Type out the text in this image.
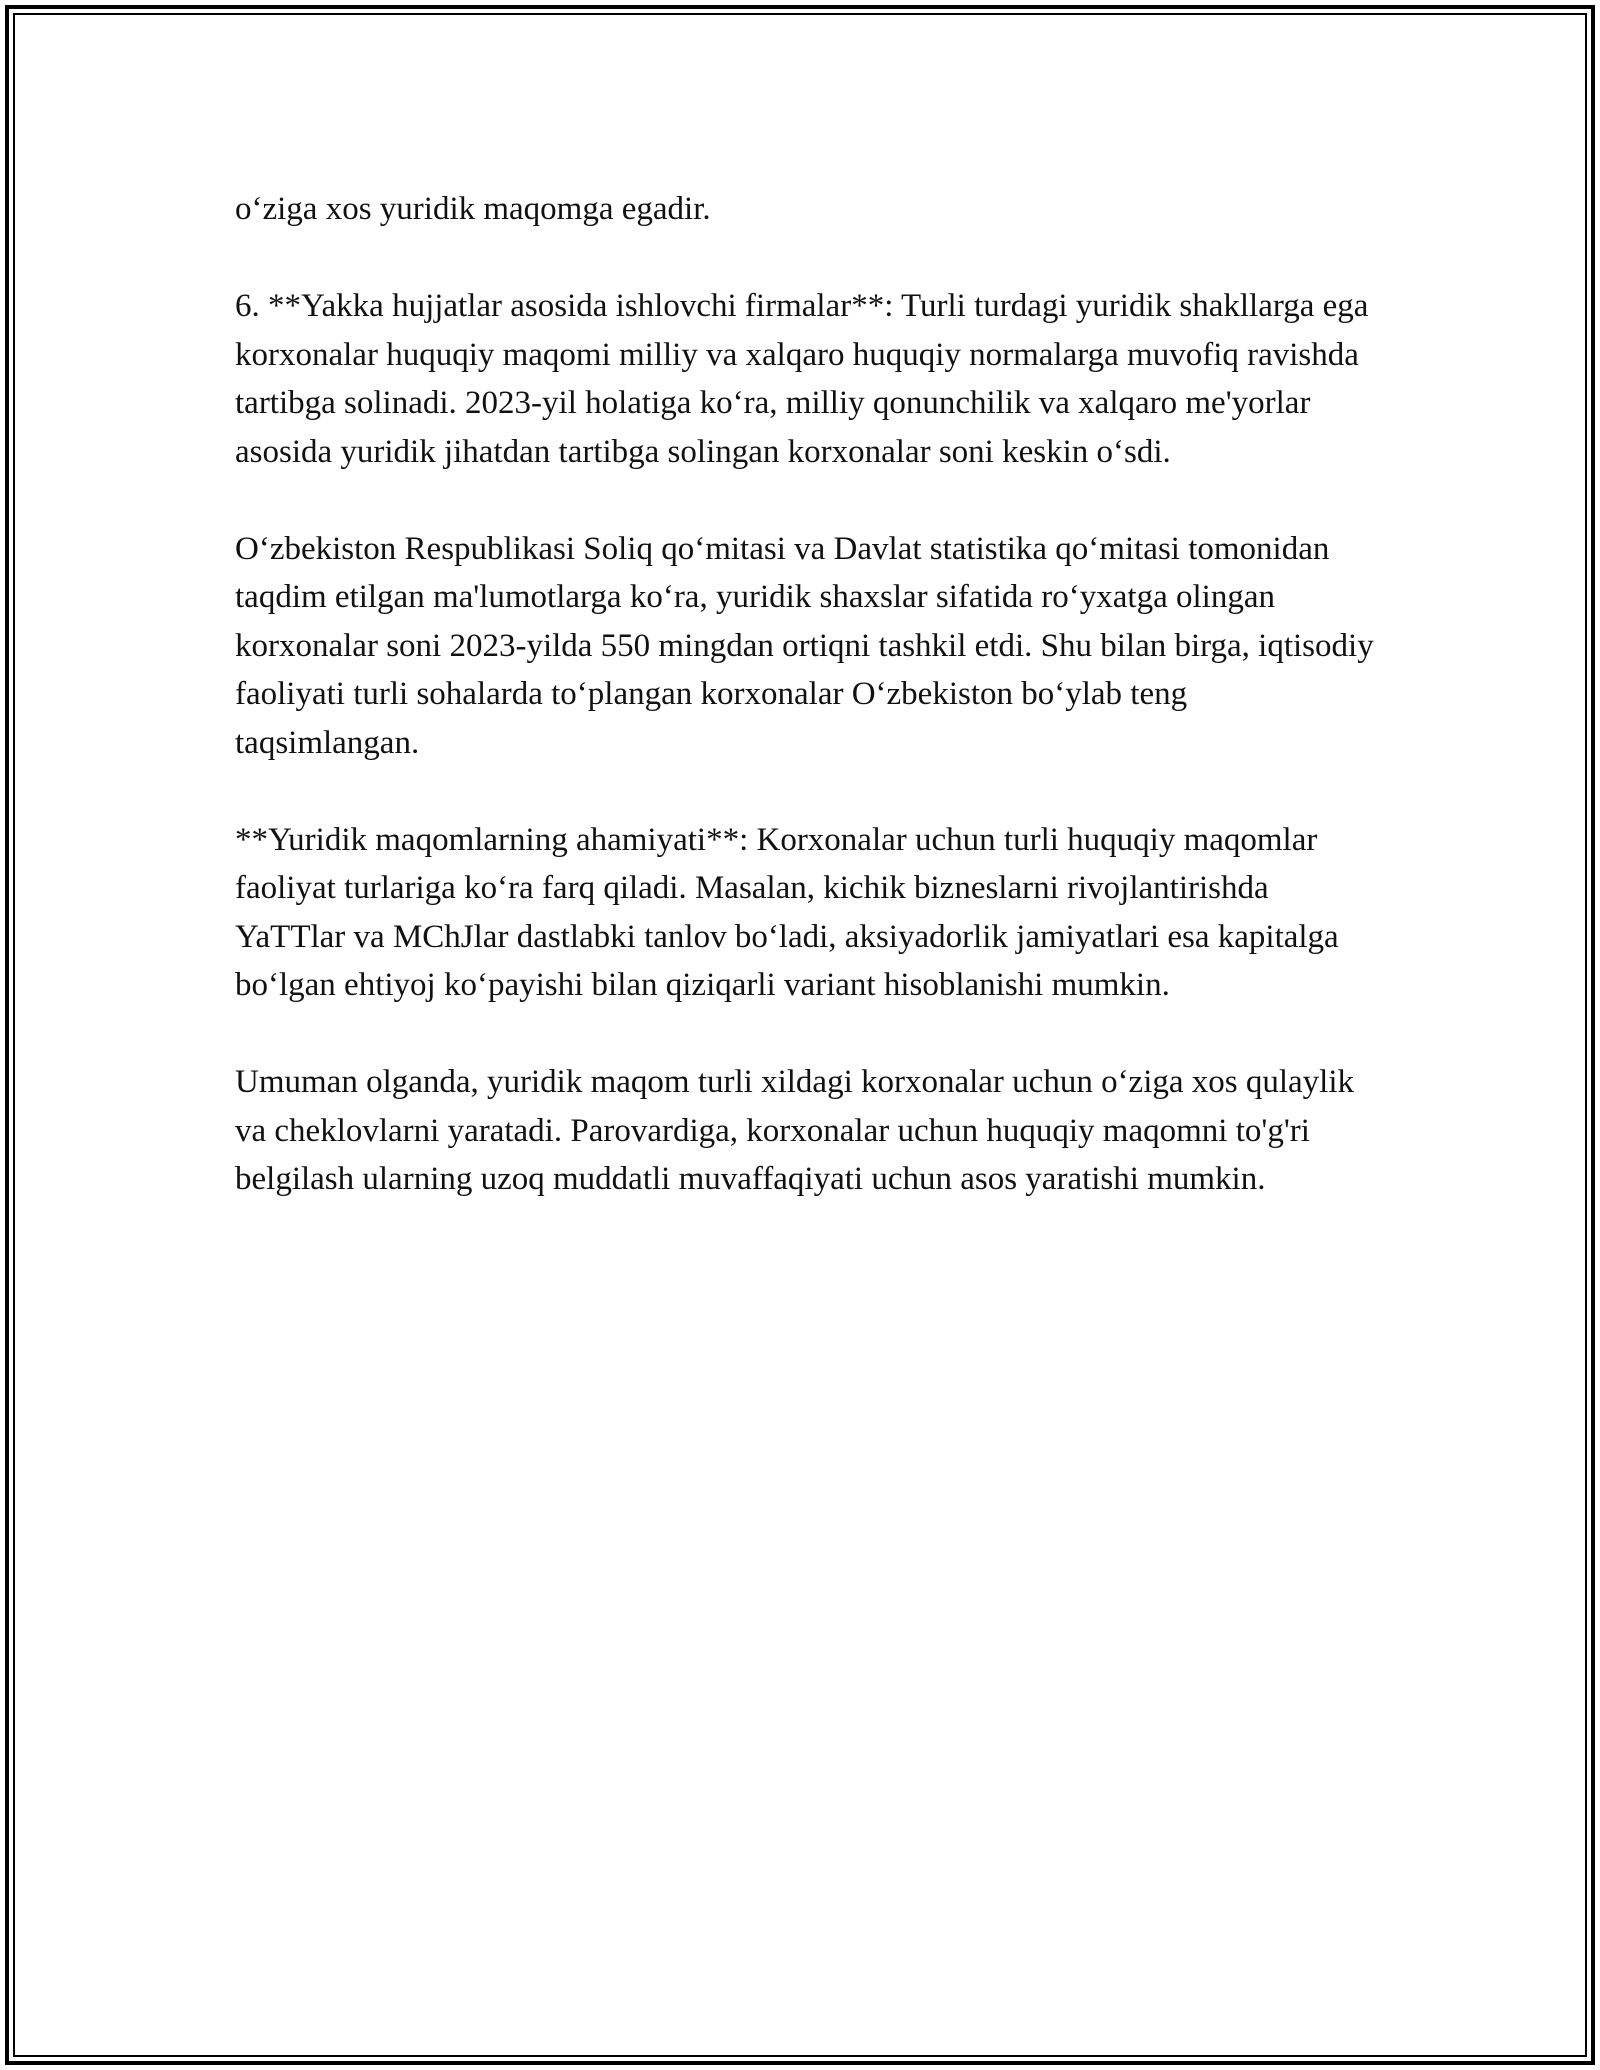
o‘ziga xos yuridik maqomga egadir.

6. **Yakka hujjatlar asosida ishlovchi firmalar**: Turli turdagi yuridik shakllarga ega korxonalar huquqiy maqomi milliy va xalqaro huquqiy normalarga muvofiq ravishda tartibga solinadi. 2023-yil holatiga ko‘ra, milliy qonunchilik va xalqaro me'yorlar asosida yuridik jihatdan tartibga solingan korxonalar soni keskin o‘sdi.

O‘zbekiston Respublikasi Soliq qo‘mitasi va Davlat statistika qo‘mitasi tomonidan taqdim etilgan ma'lumotlarga ko‘ra, yuridik shaxslar sifatida ro‘yxatga olingan korxonalar soni 2023-yilda 550 mingdan ortiqni tashkil etdi. Shu bilan birga, iqtisodiy faoliyati turli sohalarda to‘plangan korxonalar O‘zbekiston bo‘ylab teng taqsimlangan.

**Yuridik maqomlarning ahamiyati**: Korxonalar uchun turli huquqiy maqomlar faoliyat turlariga ko‘ra farq qiladi. Masalan, kichik bizneslarni rivojlantirishda YaTTlar va MChJlar dastlabki tanlov bo‘ladi, aksiyadorlik jamiyatlari esa kapitalga bo‘lgan ehtiyoj ko‘payishi bilan qiziqarli variant hisoblanishi mumkin.

Umuman olganda, yuridik maqom turli xildagi korxonalar uchun o‘ziga xos qulaylik va cheklovlarni yaratadi. Parovardiga, korxonalar uchun huquqiy maqomni to'g'ri belgilash ularning uzoq muddatli muvaffaqiyati uchun asos yaratishi mumkin.
